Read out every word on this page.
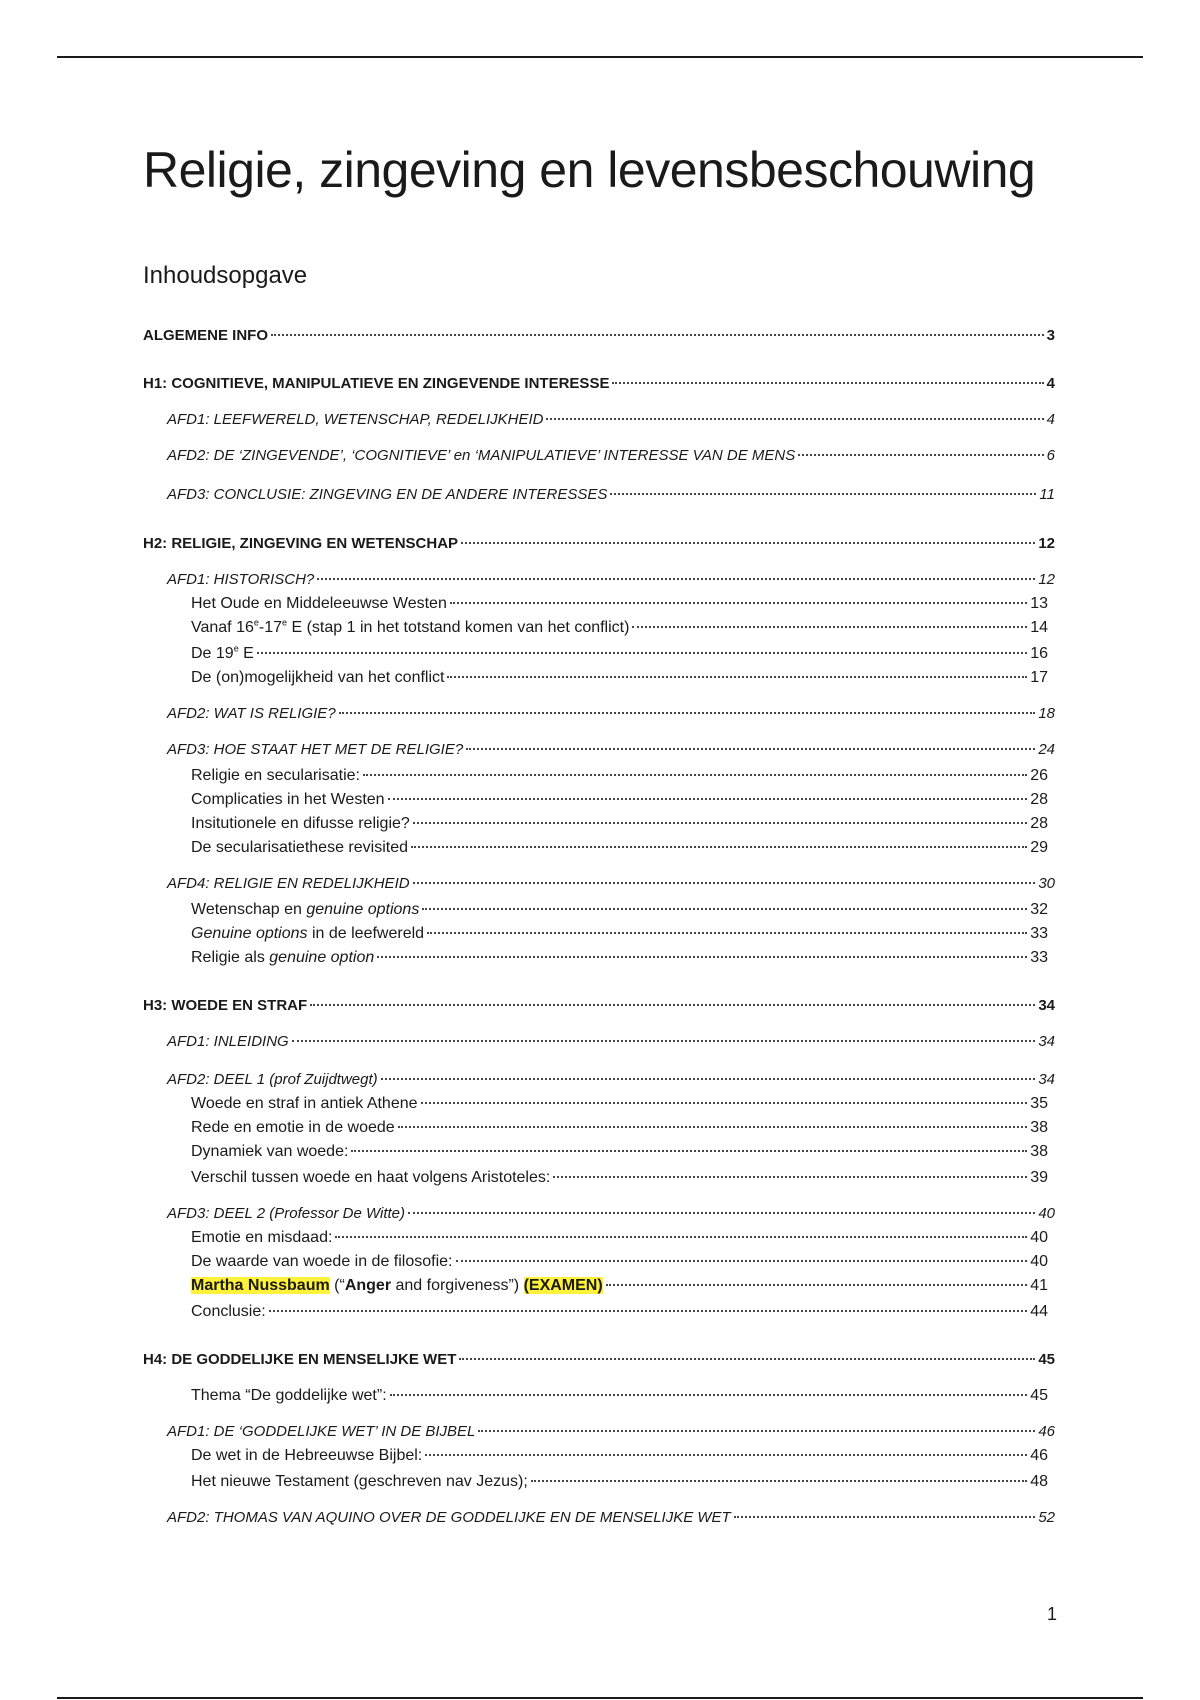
Religie, zingeving en levensbeschouwing
Inhoudsopgave
ALGEMENE INFO	3
H1: COGNITIEVE, MANIPULATIEVE EN ZINGEVENDE INTERESSE	4
AFD1: LEEFWERELD, WETENSCHAP, REDELIJKHEID	4
AFD2: DE ‘ZINGEVENDE’, ‘COGNITIEVE’ en ‘MANIPULATIEVE’ INTERESSE VAN DE MENS	6
AFD3: CONCLUSIE: ZINGEVING EN DE ANDERE INTERESSES	11
H2: RELIGIE, ZINGEVING EN WETENSCHAP	12
AFD1: HISTORISCH?	12
Het Oude en Middeleeuwse Westen	13
Vanaf 16e-17e E (stap 1 in het totstand komen van het conflict)	14
De 19e E	16
De (on)mogelijkheid van het conflict	17
AFD2: WAT IS RELIGIE?	18
AFD3: HOE STAAT HET MET DE RELIGIE?	24
Religie en secularisatie:	26
Complicaties in het Westen	28
Insitutionele en difusse religie?	28
De secularisatiethese revisited	29
AFD4: RELIGIE EN REDELIJKHEID	30
Wetenschap en genuine options	32
Genuine options in de leefwereld	33
Religie als genuine option	33
H3: WOEDE EN STRAF	34
AFD1: INLEIDING	34
AFD2: DEEL 1 (prof Zuijdtwegt)	34
Woede en straf in antiek Athene	35
Rede en emotie in de woede	38
Dynamiek van woede:	38
Verschil tussen woede en haat volgens Aristoteles:	39
AFD3: DEEL 2 (Professor De Witte)	40
Emotie en misdaad:	40
De waarde van woede in de filosofie:	40
Martha Nussbaum (“Anger and forgiveness”) (EXAMEN)	41
Conclusie:	44
H4: DE GODDELIJKE EN MENSELIJKE WET	45
Thema “De goddelijke wet”:	45
AFD1: DE ‘GODDELIJKE WET’ IN DE BIJBEL	46
De wet in de Hebreeuwse Bijbel:	46
Het nieuwe Testament (geschreven nav Jezus);	48
AFD2: THOMAS VAN AQUINO OVER DE GODDELIJKE EN DE MENSELIJKE WET	52
1
